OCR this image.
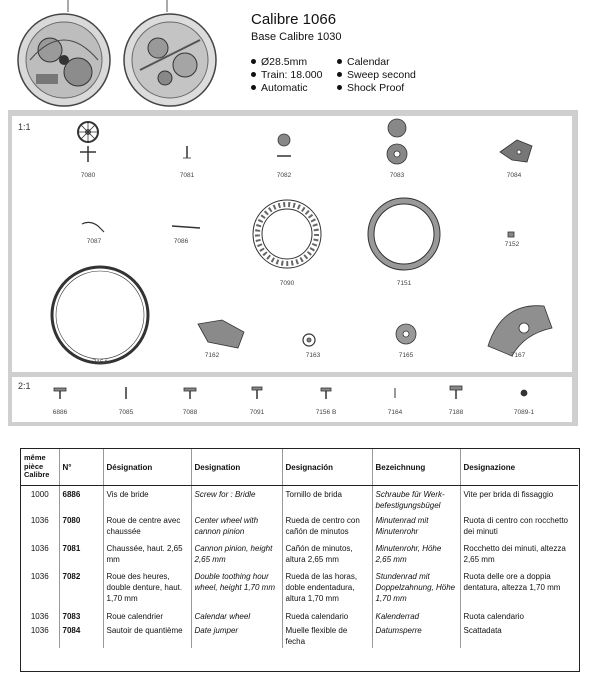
Calibre 1066
Base Calibre 1030
Ø28.5mm
Train: 18.000
Automatic
Calendar
Sweep second
Shock Proof
1:1
2:1
7080	7081	7082	7083	7084
7087	7086
7090	7151
7152
7154
7162	7163	7165	7167
6886	7085	7088	7091	7156 B	7164	7188	7089-1
même pièce Calibre	N°	Désignation	Designation	Designación	Bezeichnung	Designazione
1000	6886	Vis de bride	Screw for : Bridle	Tornillo de brida	Schraube für Werk-befestigungsbügel	Vite per brida di fissaggio
1036	7080	Roue de centre avec chaussée	Center wheel with cannon pinion	Rueda de centro con cañón de minutos	Minutenrad mit Minutenrohr	Ruota di centro con rocchetto dei minuti
1036	7081	Chaussée, haut. 2,65 mm	Cannon pinion, height 2,65 mm	Cañón de minutos, altura 2,65 mm	Minutenrohr, Höhe 2,65 mm	Rocchetto dei minuti, altezza 2,65 mm
1036	7082	Roue des heures, double denture, haut. 1,70 mm	Double toothing hour wheel, height 1,70 mm	Rueda de las horas, doble endentadura, altura 1,70 mm	Stundenrad mit Doppelzahnung, Höhe 1,70 mm	Ruota delle ore a doppia dentatura, altezza 1,70 mm
1036	7083	Roue calendrier	Calendar wheel	Rueda calendario	Kalenderrad	Ruota calendario
1036	7084	Sautoir de quantième	Date jumper	Muelle flexible de fecha	Datumsperre	Scattadata
